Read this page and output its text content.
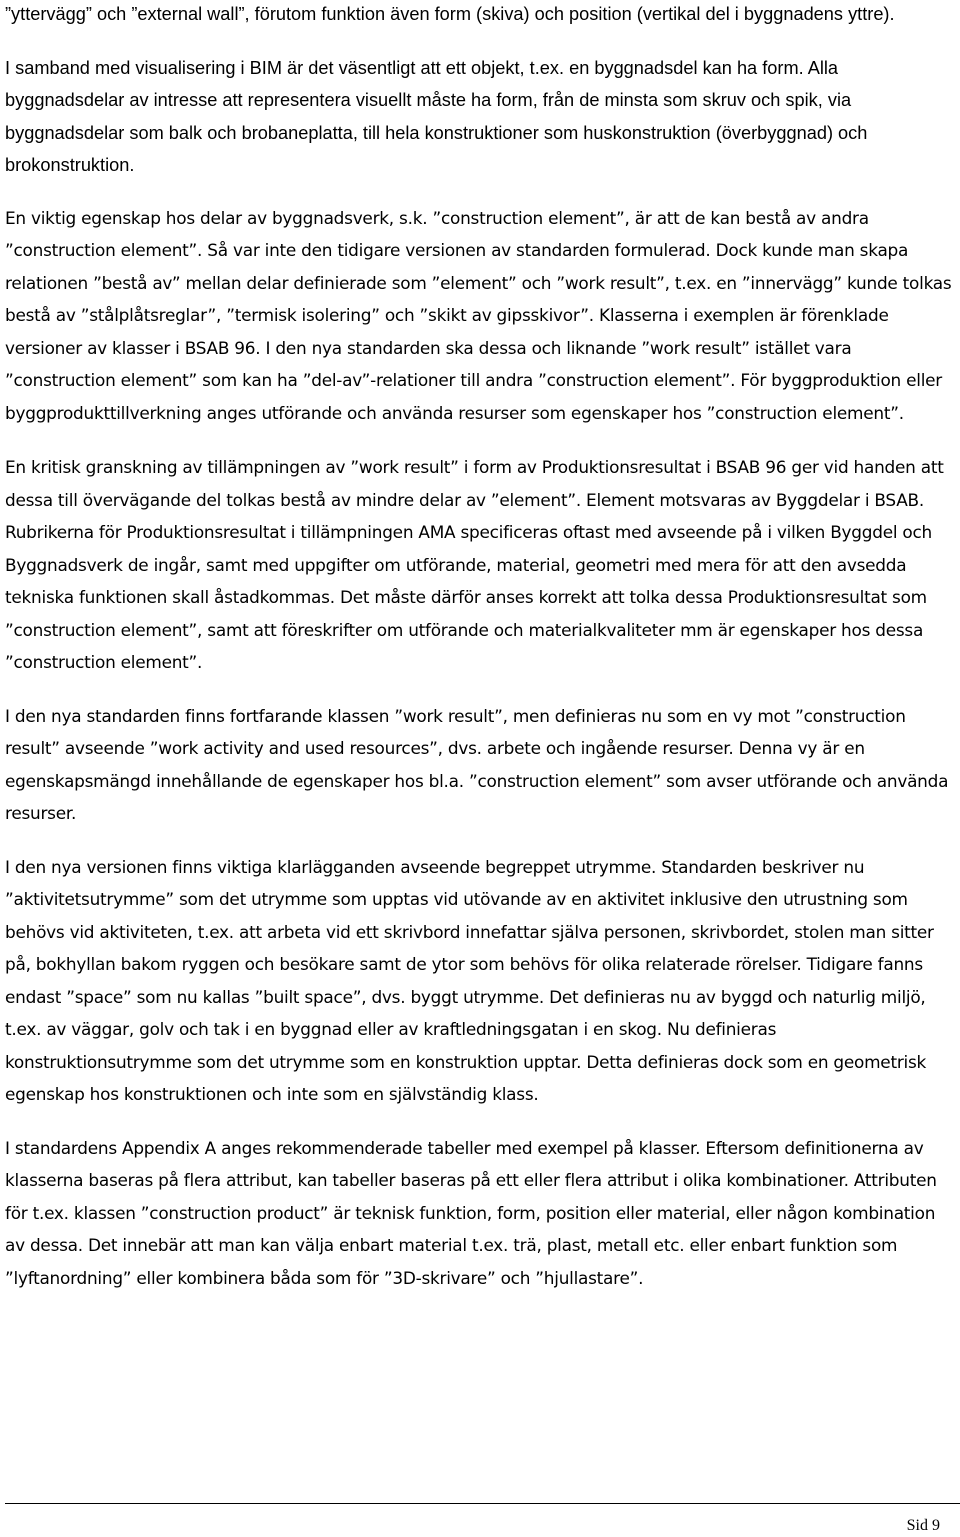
”yttervägg” och ”external wall”, förutom funktion även form (skiva) och position (vertikal del i byggnadens yttre).

I samband med visualisering i BIM är det väsentligt att ett objekt, t.ex. en byggnadsdel kan ha form. Alla byggnadsdelar av intresse att representera visuellt måste ha form, från de minsta som skruv och spik, via byggnadsdelar som balk och brobaneplatta, till hela konstruktioner som huskonstruktion (överbyggnad) och brokonstruktion.

En viktig egenskap hos delar av byggnadsverk, s.k. ”construction element”, är att de kan bestå av andra ”construction element”. Så var inte den tidigare versionen av standarden formulerad. Dock kunde man skapa relationen ”bestå av” mellan delar definierade som ”element” och ”work result”, t.ex. en ”innervägg” kunde tolkas bestå av ”stålplåtsreglar”, ”termisk isolering” och ”skikt av gipsskivor”. Klasserna i exemplen är förenklade versioner av klasser i BSAB 96. I den nya standarden ska dessa och liknande ”work result” istället vara ”construction element” som kan ha ”del-av”-relationer till andra ”construction element”. För byggproduktion eller byggprodukttillverkning anges utförande och använda resurser som egenskaper hos ”construction element”.

En kritisk granskning av tillämpningen av ”work result” i form av Produktionsresultat i BSAB 96 ger vid handen att dessa till övervägande del tolkas bestå av mindre delar av ”element”. Element motsvaras av Byggdelar i BSAB. Rubrikerna för Produktionsresultat i tillämpningen AMA specificeras oftast med avseende på i vilken Byggdel och Byggnadsverk de ingår, samt med uppgifter om utförande, material, geometri med mera för att den avsedda tekniska funktionen skall åstadkommas. Det måste därför anses korrekt att tolka dessa Produktionsresultat som ”construction element”, samt att föreskrifter om utförande och materialkvaliteter mm är egenskaper hos dessa ”construction element”.

I den nya standarden finns fortfarande klassen ”work result”, men definieras nu som en vy mot ”construction result” avseende ”work activity and used resources”, dvs. arbete och ingående resurser. Denna vy är en egenskapsmängd innehållande de egenskaper hos bl.a. ”construction element” som avser utförande och använda resurser.

I den nya versionen finns viktiga klarlägganden avseende begreppet utrymme. Standarden beskriver nu ”aktivitetsutrymme” som det utrymme som upptas vid utövande av en aktivitet inklusive den utrustning som behövs vid aktiviteten, t.ex. att arbeta vid ett skrivbord innefattar själva personen, skrivbordet, stolen man sitter på, bokhyllan bakom ryggen och besökare samt de ytor som behövs för olika relaterade rörelser. Tidigare fanns endast ”space” som nu kallas ”built space”, dvs. byggt utrymme. Det definieras nu av byggd och naturlig miljö, t.ex. av väggar, golv och tak i en byggnad eller av kraftledningsgatan i en skog. Nu definieras konstruktionsutrymme som det utrymme som en konstruktion upptar. Detta definieras dock som en geometrisk egenskap hos konstruktionen och inte som en självständig klass.

I standardens Appendix A anges rekommenderade tabeller med exempel på klasser. Eftersom definitionerna av klasserna baseras på flera attribut, kan tabeller baseras på ett eller flera attribut i olika kombinationer. Attributen för t.ex. klassen ”construction product” är teknisk funktion, form, position eller material, eller någon kombination av dessa. Det innebär att man kan välja enbart material t.ex. trä, plast, metall etc. eller enbart funktion som ”lyftanordning” eller kombinera båda som för ”3D-skrivare” och ”hjullastare”.

Sid 9
